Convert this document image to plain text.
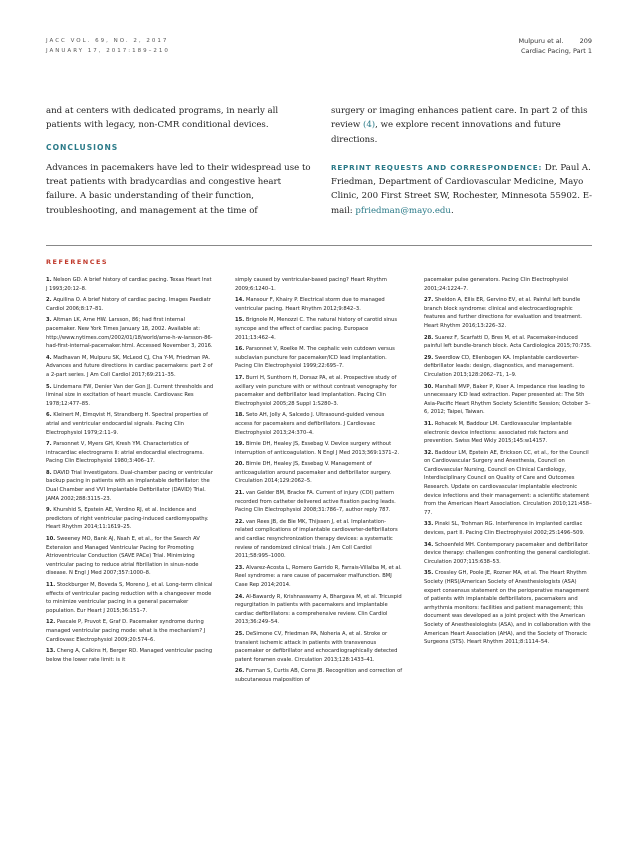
JACC VOL. 69, NO. 2, 2017
JANUARY 17, 2017:189–210
Mulpuru et al. 209
Cardiac Pacing, Part 1
and at centers with dedicated programs, in nearly all patients with legacy, non-CMR conditional devices.
CONCLUSIONS
Advances in pacemakers have led to their widespread use to treat patients with bradycardias and congestive heart failure. A basic understanding of their function, troubleshooting, and management at the time of
surgery or imaging enhances patient care. In part 2 of this review (4), we explore recent innovations and future directions.
REPRINT REQUESTS AND CORRESPONDENCE: Dr. Paul A. Friedman, Department of Cardiovascular Medicine, Mayo Clinic, 200 First Street SW, Rochester, Minnesota 55902. E-mail: pfriedman@mayo.edu.
REFERENCES
1. Nelson GD. A brief history of cardiac pacing. Texas Heart Inst J 1993;20:12–8.
2. Aquilina O. A brief history of cardiac pacing. Images Paediatr Cardiol 2006;8:17–81.
3. Altman LK, Arne HW. Larsson, 86; had first internal pacemaker. New York Times January 18, 2002. Available at: http://www.nytimes.com/2002/01/18/world/arne-h-w-larsson-86-had-first-internal-pacemaker.html. Accessed November 3, 2016.
4. Madhavan M, Mulpuru SK, McLeod CJ, Cha Y-M, Friedman PA. Advances and future directions in cardiac pacemakers: part 2 of a 2-part series. J Am Coll Cardiol 2017;69:211–35.
5. Lindemans FW, Denier Van der Gon JJ. Current thresholds and liminal size in excitation of heart muscle. Cardiovasc Res 1978;12:477–85.
6. Kleinert M, Elmqvist H, Strandberg H. Spectral properties of atrial and ventricular endocardial signals. Pacing Clin Electrophysiol 1979;2:11–9.
7. Parsonnet V, Myers GH, Kresh YM. Characteristics of intracardiac electrograms II: atrial endocardial electrograms. Pacing Clin Electrophysiol 1980;3:406–17.
8. DAVID Trial Investigators. Dual-chamber pacing or ventricular backup pacing in patients with an implantable defibrillator: the Dual Chamber and VVI Implantable Defibrillator (DAVID) Trial. JAMA 2002;288:3115–23.
9. Khurshid S, Epstein AE, Verdino RJ, et al. Incidence and predictors of right ventricular pacing-induced cardiomyopathy. Heart Rhythm 2014;11:1619–25.
10. Sweeney MO, Bank AJ, Nsah E, et al., for the Search AV Extension and Managed Ventricular Pacing for Promoting Atrioventricular Conduction (SAVE PACe) Trial. Minimizing ventricular pacing to reduce atrial fibrillation in sinus-node disease. N Engl J Med 2007;357:1000–8.
11. Stockburger M, Boveda S, Moreno J, et al. Long-term clinical effects of ventricular pacing reduction with a changeover mode to minimize ventricular pacing in a general pacemaker population. Eur Heart J 2015;36:151–7.
12. Pascale P, Pruvot E, Graf D. Pacemaker syndrome during managed ventricular pacing mode: what is the mechanism? J Cardiovasc Electrophysiol 2009;20:574–6.
13. Cheng A, Calkins H, Berger RD. Managed ventricular pacing below the lower rate limit: is it
simply caused by ventricular-based pacing? Heart Rhythm 2009;6:1240–1.
14. Mansour F, Khairy P. Electrical storm due to managed ventricular pacing. Heart Rhythm 2012;9:842–3.
15. Brignole M, Menozzi C. The natural history of carotid sinus syncope and the effect of cardiac pacing. Europace 2011;13:462–4.
16. Parsonnet V, Roelke M. The cephalic vein cutdown versus subclavian puncture for pacemaker/ICD lead implantation. Pacing Clin Electrophysiol 1999;22:695–7.
17. Burri H, Sunthorn H, Dorsaz PA, et al. Prospective study of axillary vein puncture with or without contrast venography for pacemaker and defibrillator lead implantation. Pacing Clin Electrophysiol 2005;28 Suppl 1:S280–3.
18. Seto AH, Jolly A, Salcedo J. Ultrasound-guided venous access for pacemakers and defibrillators. J Cardiovasc Electrophysiol 2013;24:370–4.
19. Birnie DH, Healey JS, Essebag V. Device surgery without interruption of anticoagulation. N Engl J Med 2013;369:1371–2.
20. Birnie DH, Healey JS, Essebag V. Management of anticoagulation around pacemaker and defibrillator surgery. Circulation 2014;129:2062–5.
21. van Gelder BM, Bracke FA. Current of injury (COI) pattern recorded from catheter delivered active fixation pacing leads. Pacing Clin Electrophysiol 2008;31:786–7, author reply 787.
22. van Rees JB, de Bie MK, Thijssen J, et al. Implantation-related complications of implantable cardioverter-defibrillators and cardiac resynchronization therapy devices: a systematic review of randomized clinical trials. J Am Coll Cardiol 2011;58:995–1000.
23. Alvarez-Acosta L, Romero Garrido R, Farrais-Villalba M, et al. Reel syndrome: a rare cause of pacemaker malfunction. BMJ Case Rep 2014;2014.
24. Al-Bawardy R, Krishnaswamy A, Bhargava M, et al. Tricuspid regurgitation in patients with pacemakers and implantable cardiac defibrillators: a comprehensive review. Clin Cardiol 2013;36:249–54.
25. DeSimone CV, Friedman PA, Noheria A, et al. Stroke or transient ischemic attack in patients with transvenous pacemaker or defibrillator and echocardiographically detected patent foramen ovale. Circulation 2013;128:1433–41.
26. Furman S, Curtis AB, Corns JB. Recognition and correction of subcutaneous malposition of
pacemaker pulse generators. Pacing Clin Electrophysiol 2001;24:1224–7.
27. Sheldon A, Ellis ER, Gervino EV, et al. Painful left bundle branch block syndrome: clinical and electrocardiographic features and further directions for evaluation and treatment. Heart Rhythm 2016;13:226–32.
28. Suarez F, Scarfatti D, Bres M, et al. Pacemaker-induced painful left bundle-branch block. Acta Cardiologica 2015;70:735.
29. Swerdlow CD, Ellenbogen KA. Implantable cardioverter-defibrillator leads: design, diagnostics, and management. Circulation 2013;128:2062–71, 1–9.
30. Marshall MVP, Baker P, Kiser A. Impedance rise leading to unnecessary ICD lead extraction. Paper presented at: The 5th Asia-Pacific Heart Rhythm Society Scientific Session; October 3–6, 2012; Taipei, Taiwan.
31. Rohacek M, Baddour LM. Cardiovascular implantable electronic device infections: associated risk factors and prevention. Swiss Med Wkly 2015;145:w14157.
32. Baddour LM, Epstein AE, Erickson CC, et al., for the Council on Cardiovascular Surgery and Anesthesia, Council on Cardiovascular Nursing, Council on Clinical Cardiology, Interdisciplinary Council on Quality of Care and Outcomes Research. Update on cardiovascular implantable electronic device infections and their management: a scientific statement from the American Heart Association. Circulation 2010;121:458–77.
33. Pinski SL, Trohman RG. Interference in implanted cardiac devices, part II. Pacing Clin Electrophysiol 2002;25:1496–509.
34. Schoenfeld MH. Contemporary pacemaker and defibrillator device therapy: challenges confronting the general cardiologist. Circulation 2007;115:638–53.
35. Crossley GH, Poole JE, Rozner MA, et al. The Heart Rhythm Society (HRS)/American Society of Anesthesiologists (ASA) expert consensus statement on the perioperative management of patients with implantable defibrillators, pacemakers and arrhythmia monitors: facilities and patient management; this document was developed as a joint project with the American Society of Anesthesiologists (ASA), and in collaboration with the American Heart Association (AHA), and the Society of Thoracic Surgeons (STS). Heart Rhythm 2011;8:1114–54.
